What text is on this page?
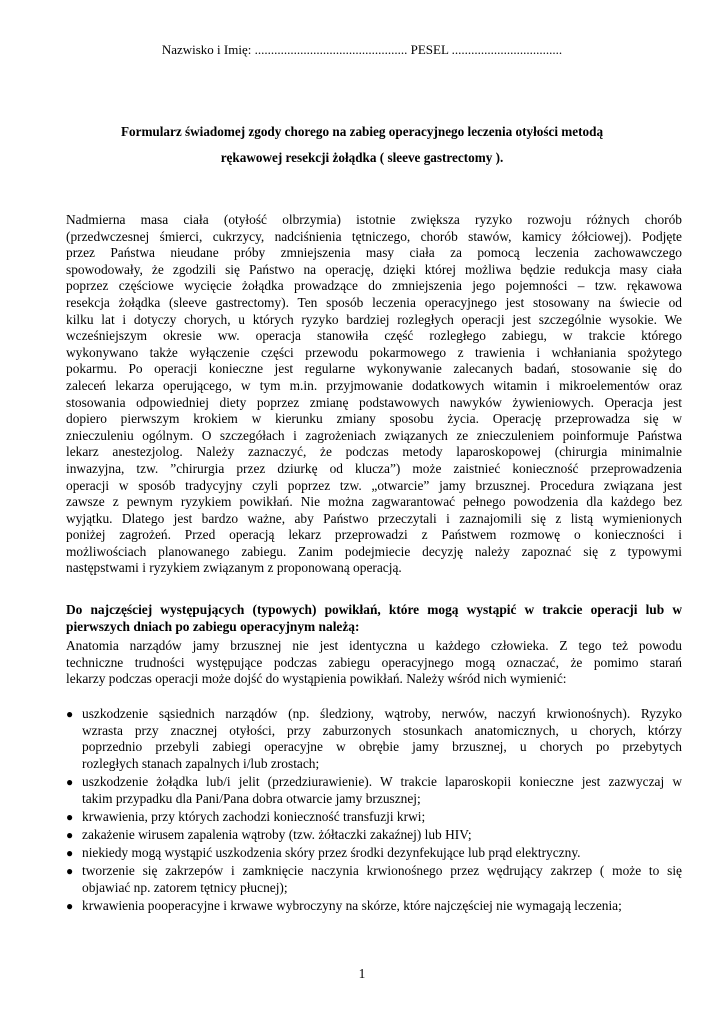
Nazwisko i Imię: ............................................... PESEL ..................................
Formularz świadomej zgody chorego na zabieg operacyjnego leczenia otyłości metodą
rękawowej resekcji żołądka ( sleeve gastrectomy ).
Nadmierna masa ciała (otyłość olbrzymia) istotnie zwiększa ryzyko rozwoju różnych chorób
(przedwczesnej śmierci, cukrzycy, nadciśnienia tętniczego, chorób stawów, kamicy żółciowej). Podjęte
przez Państwa nieudane próby zmniejszenia masy ciała za pomocą leczenia zachowawczego
spowodowały, że zgodzili się Państwo na operację, dzięki której możliwa będzie redukcja masy ciała
poprzez częściowe wycięcie żołądka prowadzące do zmniejszenia jego pojemności – tzw. rękawowa
resekcja żołądka (sleeve gastrectomy). Ten sposób leczenia operacyjnego jest stosowany na świecie od
kilku lat i dotyczy chorych, u których ryzyko bardziej rozległych operacji jest szczególnie wysokie. We
wcześniejszym okresie ww. operacja stanowiła część rozległego zabiegu, w trakcie którego
wykonywano także wyłączenie części przewodu pokarmowego z trawienia i wchłaniania spożytego
pokarmu. Po operacji konieczne jest regularne wykonywanie zalecanych badań, stosowanie się do
zaleceń lekarza operującego, w tym m.in. przyjmowanie dodatkowych witamin i mikroelementów oraz
stosowania odpowiedniej diety poprzez zmianę podstawowych nawyków żywieniowych. Operacja jest
dopiero pierwszym krokiem w kierunku zmiany sposobu życia. Operację przeprowadza się w
znieczuleniu ogólnym. O szczegółach i zagrożeniach związanych ze znieczuleniem poinformuje Państwa
lekarz anestezjolog. Należy zaznaczyć, że podczas metody laparoskopowej (chirurgia minimalnie
inwazyjna, tzw. ”chirurgia przez dziurkę od klucza”) może zaistnieć konieczność przeprowadzenia
operacji w sposób tradycyjny czyli poprzez tzw. „otwarcie” jamy brzusznej. Procedura związana jest
zawsze z pewnym ryzykiem powikłań. Nie można zagwarantować pełnego powodzenia dla każdego bez
wyjątku. Dlatego jest bardzo ważne, aby Państwo przeczytali i zaznajomili się z listą wymienionych
poniżej zagrożeń. Przed operacją lekarz przeprowadzi z Państwem rozmowę o konieczności i
możliwościach planowanego zabiegu. Zanim podejmiecie decyzję należy zapoznać się z typowymi
następstwami i ryzykiem związanym z proponowaną operacją.
Do najczęściej występujących (typowych) powikłań, które mogą wystąpić w trakcie operacji lub w
pierwszych dniach po zabiegu operacyjnym należą:
Anatomia narządów jamy brzusznej nie jest identyczna u każdego człowieka. Z tego też powodu
techniczne trudności występujące podczas zabiegu operacyjnego mogą oznaczać, że pomimo starań
lekarzy podczas operacji może dojść do wystąpienia powikłań. Należy wśród nich wymienić:
● uszkodzenie sąsiednich narządów (np. śledziony, wątroby, nerwów, naczyń krwionośnych). Ryzyko
wzrasta przy znacznej otyłości, przy zaburzonych stosunkach anatomicznych, u chorych, którzy
poprzednio przebyli zabiegi operacyjne w obrębie jamy brzusznej, u chorych po przebytych
rozległych stanach zapalnych i/lub zrostach;
● uszkodzenie żołądka lub/i jelit (przedziurawienie). W trakcie laparoskopii konieczne jest zazwyczaj w
takim przypadku dla Pani/Pana dobra otwarcie jamy brzusznej;
● krwawienia, przy których zachodzi konieczność transfuzji krwi;
● zakażenie wirusem zapalenia wątroby (tzw. żółtaczki zakaźnej) lub HIV;
● niekiedy mogą wystąpić uszkodzenia skóry przez środki dezynfekujące lub prąd elektryczny.
● tworzenie się zakrzepów i zamknięcie naczynia krwionośnego przez wędrujący zakrzep ( może to się
objawiać np. zatorem tętnicy płucnej);
● krwawienia pooperacyjne i krwawe wybroczyny na skórze, które najczęściej nie wymagają leczenia;
1
